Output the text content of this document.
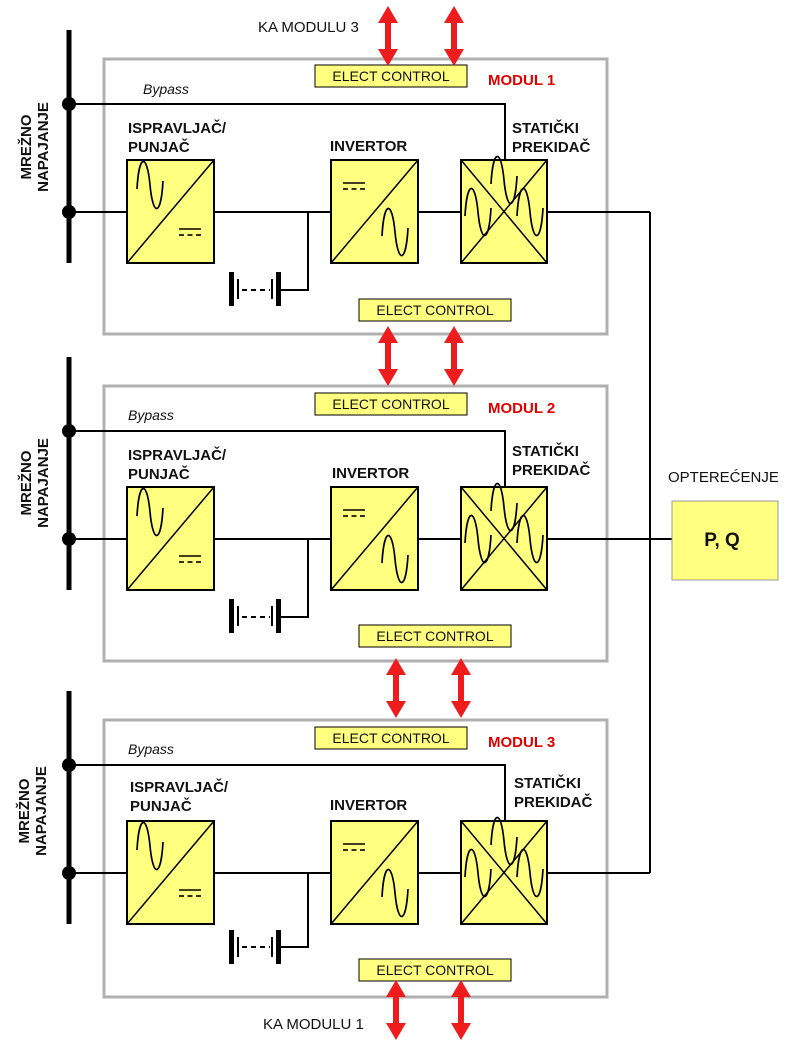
MREŽNO NAPAJANJE
Bypass
ISPRAVLJAČ/
PUNJAČ	INVERTOR
STATIČKI
PREKIDAČ
MODUL 1
ELECT CONTROL
ELECT CONTROL
MREŽNO NAPAJANJE
Bypass
ISPRAVLJAČ/
PUNJAČ	INVERTOR
STATIČKI
PREKIDAČ
MODUL 2
ELECT CONTROL
ELECT CONTROL
MREŽNO NAPAJANJE
Bypass
ISPRAVLJAČ/
PUNJAČ	INVERTOR
STATIČKI
PREKIDAČ
MODUL 3
ELECT CONTROL
ELECT CONTROL
OPTEREĆENJE
P, Q
KA MODULU 3
KA MODULU 1
